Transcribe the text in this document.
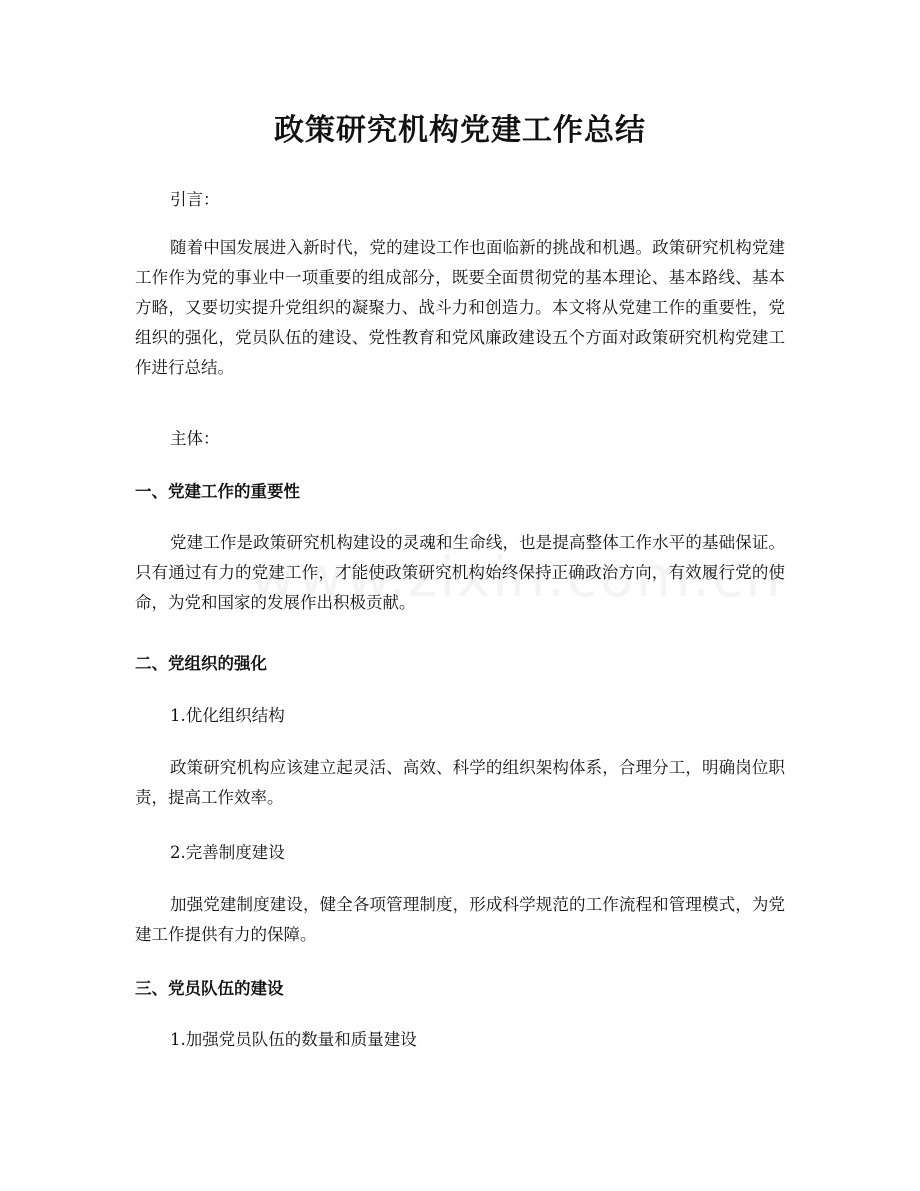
政策研究机构党建工作总结
引言：
随着中国发展进入新时代，党的建设工作也面临新的挑战和机遇。政策研究机构党建工作作为党的事业中一项重要的组成部分，既要全面贯彻党的基本理论、基本路线、基本方略，又要切实提升党组织的凝聚力、战斗力和创造力。本文将从党建工作的重要性，党组织的强化，党员队伍的建设、党性教育和党风廉政建设五个方面对政策研究机构党建工作进行总结。
主体：
一、党建工作的重要性
党建工作是政策研究机构建设的灵魂和生命线，也是提高整体工作水平的基础保证。只有通过有力的党建工作，才能使政策研究机构始终保持正确政治方向，有效履行党的使命，为党和国家的发展作出积极贡献。
二、党组织的强化
1.优化组织结构
政策研究机构应该建立起灵活、高效、科学的组织架构体系，合理分工，明确岗位职责，提高工作效率。
2.完善制度建设
加强党建制度建设，健全各项管理制度，形成科学规范的工作流程和管理模式，为党建工作提供有力的保障。
三、党员队伍的建设
1.加强党员队伍的数量和质量建设
